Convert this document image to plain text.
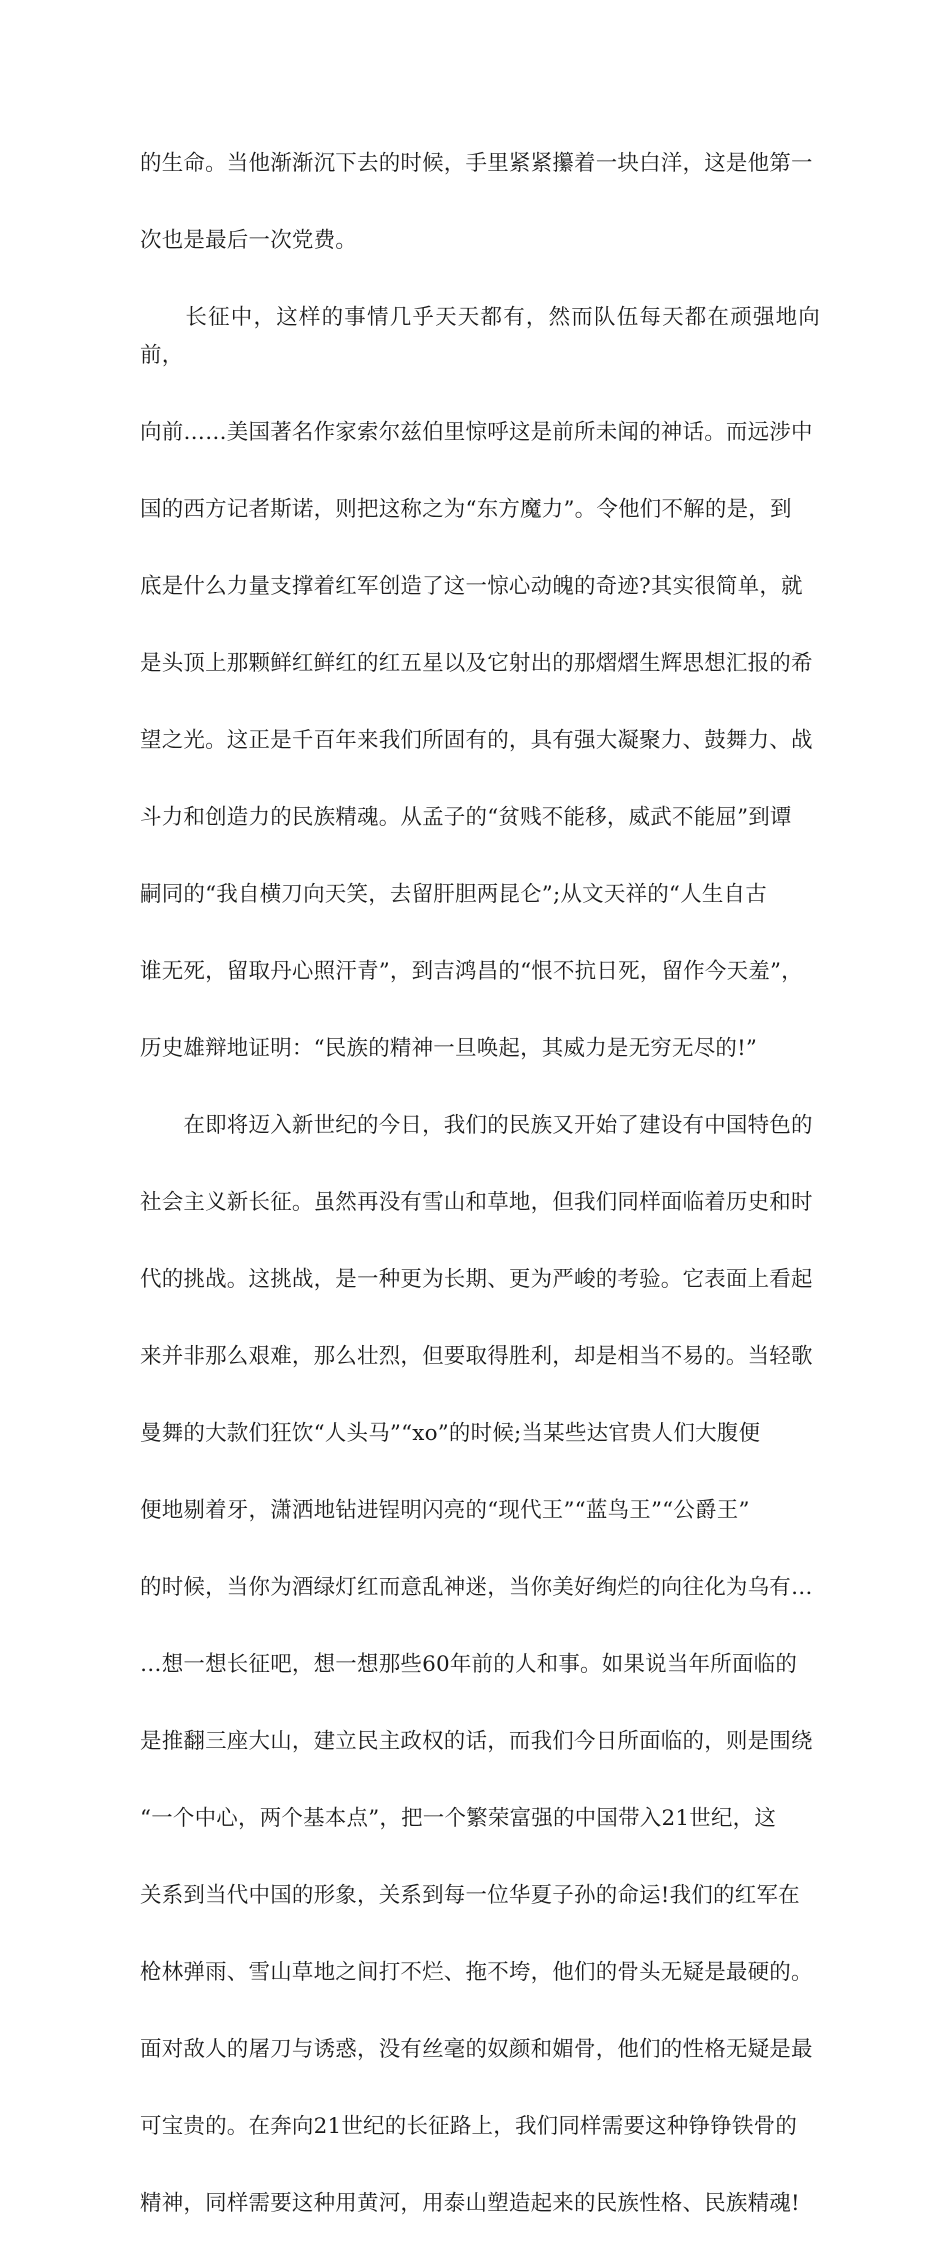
的生命。当他渐渐沉下去的时候，手里紧紧攥着一块白洋，这是他第一

次也是最后一次党费。

　　长征中，这样的事情几乎天天都有，然而队伍每天都在顽强地向前，

向前……美国著名作家索尔兹伯里惊呼这是前所未闻的神话。而远涉中

国的西方记者斯诺，则把这称之为“东方魔力”。令他们不解的是，到

底是什么力量支撑着红军创造了这一惊心动魄的奇迹?其实很简单，就

是头顶上那颗鲜红鲜红的红五星以及它射出的那熠熠生辉思想汇报的希

望之光。这正是千百年来我们所固有的，具有强大凝聚力、鼓舞力、战

斗力和创造力的民族精魂。从孟子的“贫贱不能移，威武不能屈”到谭

嗣同的“我自横刀向天笑，去留肝胆两昆仑”;从文天祥的“人生自古

谁无死，留取丹心照汗青”，到吉鸿昌的“恨不抗日死，留作今天羞”，

历史雄辩地证明：“民族的精神一旦唤起，其威力是无穷无尽的!”

　　在即将迈入新世纪的今日，我们的民族又开始了建设有中国特色的

社会主义新长征。虽然再没有雪山和草地，但我们同样面临着历史和时

代的挑战。这挑战，是一种更为长期、更为严峻的考验。它表面上看起

来并非那么艰难，那么壮烈，但要取得胜利，却是相当不易的。当轻歌

曼舞的大款们狂饮“人头马”“xo”的时候;当某些达官贵人们大腹便

便地剔着牙，潇洒地钻进锃明闪亮的“现代王”“蓝鸟王”“公爵王”

的时候，当你为酒绿灯红而意乱神迷，当你美好绚烂的向往化为乌有…

…想一想长征吧，想一想那些60年前的人和事。如果说当年所面临的

是推翻三座大山，建立民主政权的话，而我们今日所面临的，则是围绕

“一个中心，两个基本点”，把一个繁荣富强的中国带入21世纪，这

关系到当代中国的形象，关系到每一位华夏子孙的命运!我们的红军在

枪林弹雨、雪山草地之间打不烂、拖不垮，他们的骨头无疑是最硬的。

面对敌人的屠刀与诱惑，没有丝毫的奴颜和媚骨，他们的性格无疑是最

可宝贵的。在奔向21世纪的长征路上，我们同样需要这种铮铮铁骨的

精神，同样需要这种用黄河，用泰山塑造起来的民族性格、民族精魂!
